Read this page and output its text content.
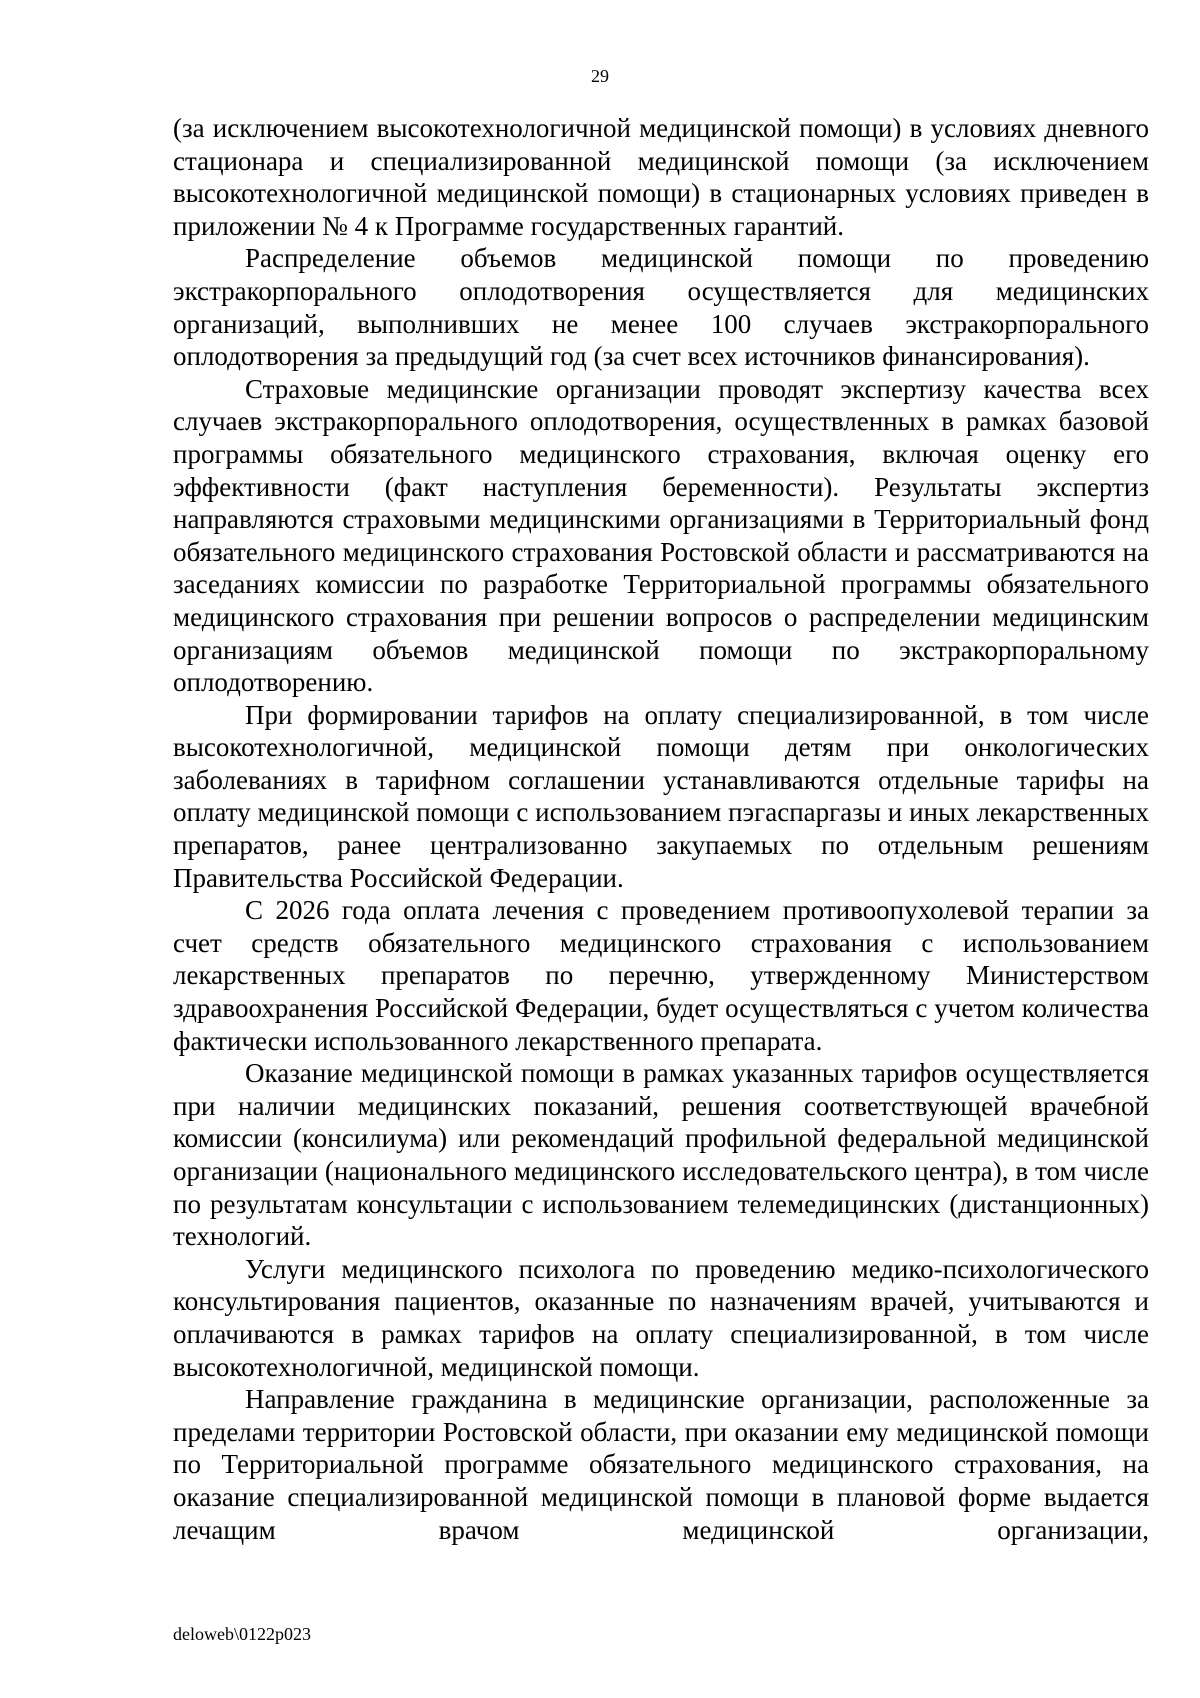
29

(за исключением высокотехнологичной медицинской помощи) в условиях дневного стационара и специализированной медицинской помощи (за исключением высокотехнологичной медицинской помощи) в стационарных условиях приведен в приложении № 4 к Программе государственных гарантий.

Распределение объемов медицинской помощи по проведению экстракорпорального оплодотворения осуществляется для медицинских организаций, выполнивших не менее 100 случаев экстракорпорального оплодотворения за предыдущий год (за счет всех источников финансирования).

Страховые медицинские организации проводят экспертизу качества всех случаев экстракорпорального оплодотворения, осуществленных в рамках базовой программы обязательного медицинского страхования, включая оценку его эффективности (факт наступления беременности). Результаты экспертиз направляются страховыми медицинскими организациями в Территориальный фонд обязательного медицинского страхования Ростовской области и рассматриваются на заседаниях комиссии по разработке Территориальной программы обязательного медицинского страхования при решении вопросов о распределении медицинским организациям объемов медицинской помощи по экстракорпоральному оплодотворению.

При формировании тарифов на оплату специализированной, в том числе высокотехнологичной, медицинской помощи детям при онкологических заболеваниях в тарифном соглашении устанавливаются отдельные тарифы на оплату медицинской помощи с использованием пэгаспаргазы и иных лекарственных препаратов, ранее централизованно закупаемых по отдельным решениям Правительства Российской Федерации.

С 2026 года оплата лечения с проведением противоопухолевой терапии за счет средств обязательного медицинского страхования с использованием лекарственных препаратов по перечню, утвержденному Министерством здравоохранения Российской Федерации, будет осуществляться с учетом количества фактически использованного лекарственного препарата.

Оказание медицинской помощи в рамках указанных тарифов осуществляется при наличии медицинских показаний, решения соответствующей врачебной комиссии (консилиума) или рекомендаций профильной федеральной медицинской организации (национального медицинского исследовательского центра), в том числе по результатам консультации с использованием телемедицинских (дистанционных) технологий.

Услуги медицинского психолога по проведению медико-психологического консультирования пациентов, оказанные по назначениям врачей, учитываются и оплачиваются в рамках тарифов на оплату специализированной, в том числе высокотехнологичной, медицинской помощи.

Направление гражданина в медицинские организации, расположенные за пределами территории Ростовской области, при оказании ему медицинской помощи по Территориальной программе обязательного медицинского страхования, на оказание специализированной медицинской помощи в плановой форме выдается лечащим врачом медицинской организации,

deloweb\0122p023
